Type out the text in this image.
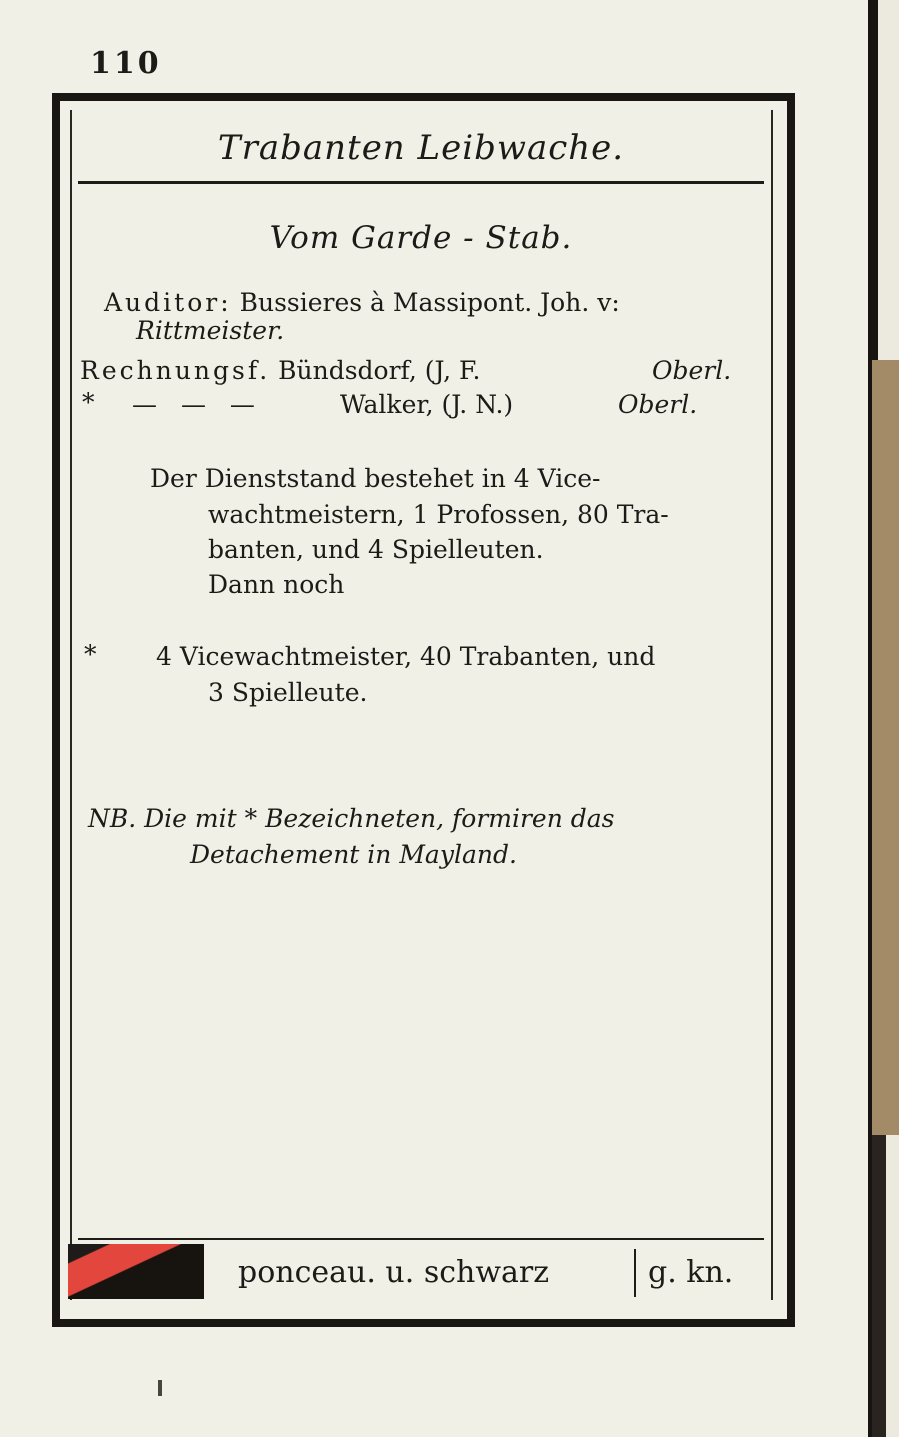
110
Trabanten Leibwache.
Vom Garde - Stab.
Auditor: Bussieres à Massipont. Joh. v:
Rittmeister.
Rechnungsf. Bündsdorf, (J, F.	Oberl.
* — — —	Walker, (J. N.)	Oberl.
Der Dienststand bestehet in 4 Vice-
wachtmeistern, 1 Profossen, 80 Tra-
banten, und 4 Spielleuten.
Dann noch
* 4 Vicewachtmeister, 40 Trabanten, und
3 Spielleute.
NB. Die mit * Bezeichneten, formiren das
Detachement in Mayland.
ponceau. u. schwarz	g. kn.
